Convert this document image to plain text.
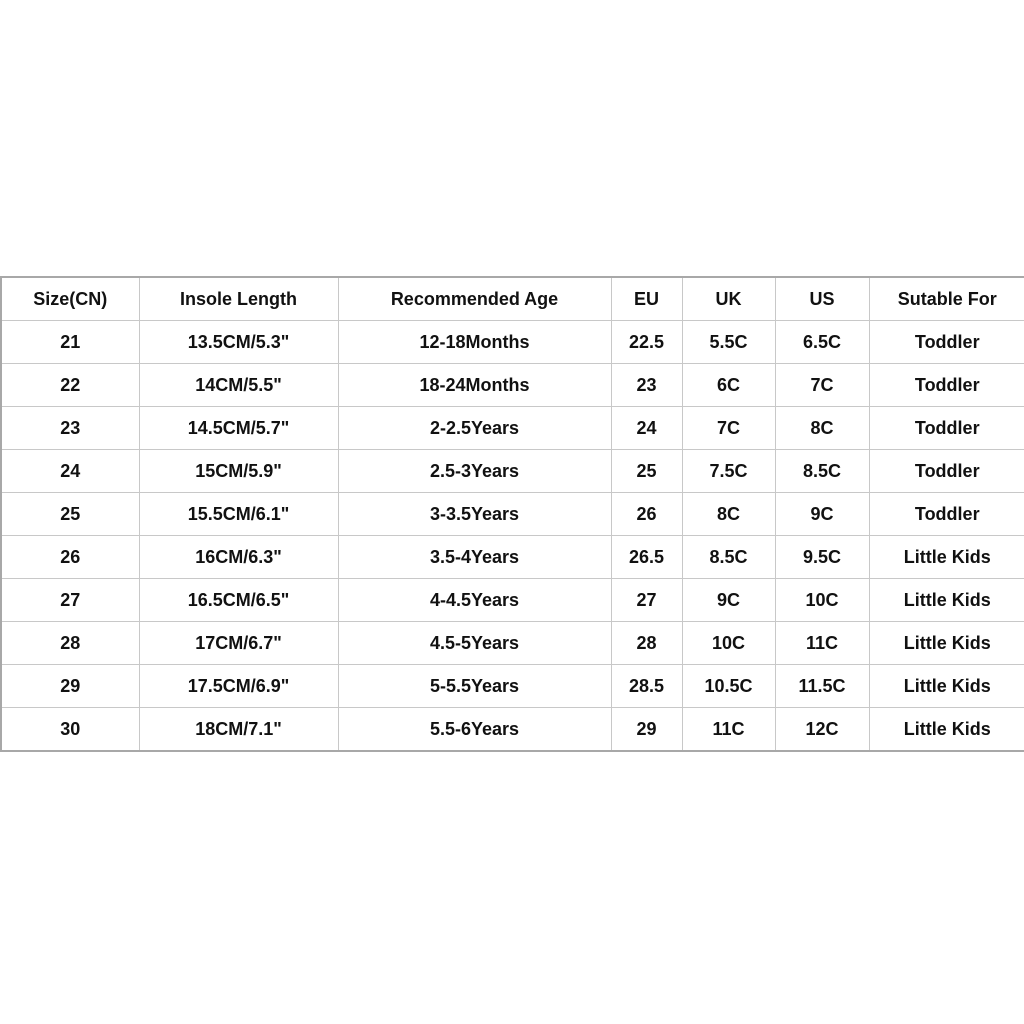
Size(CN)	Insole Length	Recommended Age	EU	UK	US	Sutable For
21	13.5CM/5.3"	12-18Months	22.5	5.5C	6.5C	Toddler
22	14CM/5.5"	18-24Months	23	6C	7C	Toddler
23	14.5CM/5.7"	2-2.5Years	24	7C	8C	Toddler
24	15CM/5.9"	2.5-3Years	25	7.5C	8.5C	Toddler
25	15.5CM/6.1"	3-3.5Years	26	8C	9C	Toddler
26	16CM/6.3"	3.5-4Years	26.5	8.5C	9.5C	Little Kids
27	16.5CM/6.5"	4-4.5Years	27	9C	10C	Little Kids
28	17CM/6.7"	4.5-5Years	28	10C	11C	Little Kids
29	17.5CM/6.9"	5-5.5Years	28.5	10.5C	11.5C	Little Kids
30	18CM/7.1"	5.5-6Years	29	11C	12C	Little Kids
